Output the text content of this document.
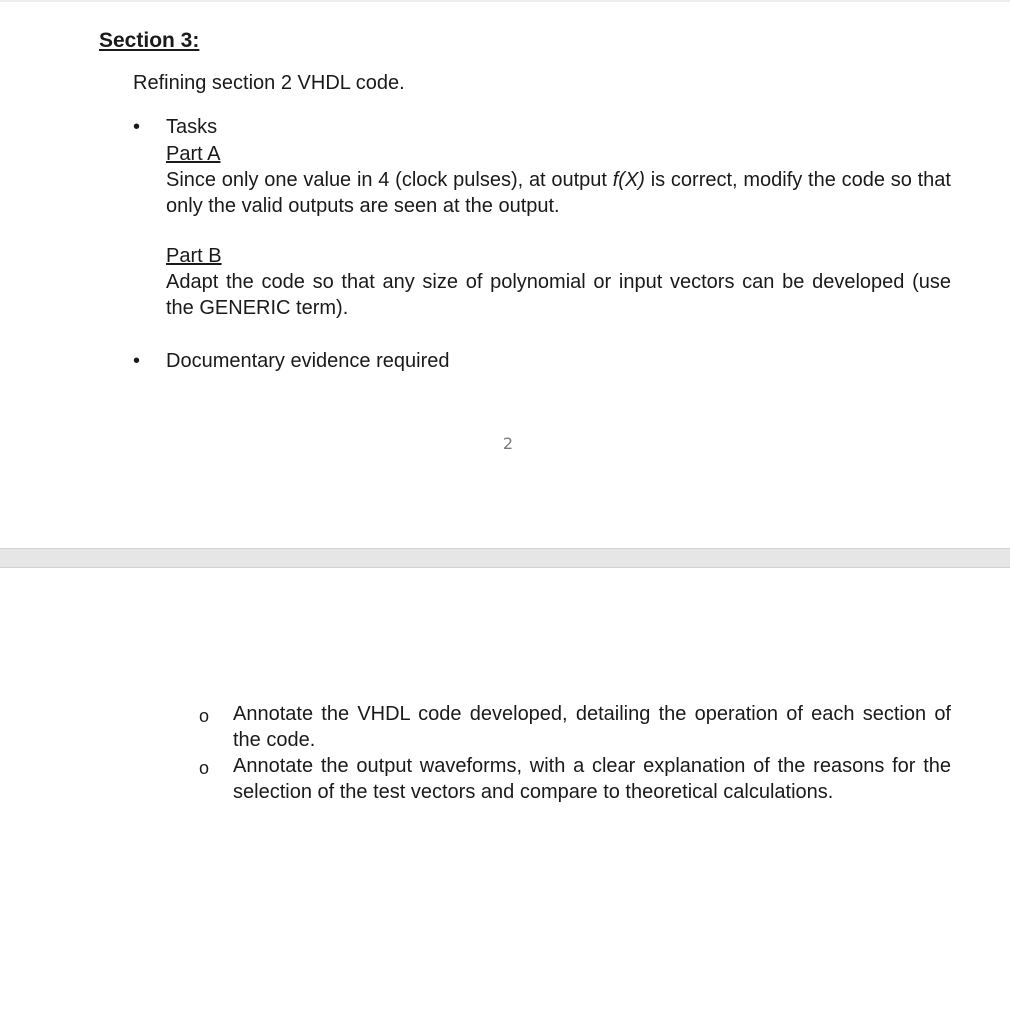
Section 3:

Refining section 2 VHDL code.

• Tasks
Part A

Since only one value in 4 (clock pulses), at output f(X) is correct, modify the code so that only the valid outputs are seen at the output.

Part B

Adapt the code so that any size of polynomial or input vectors can be developed (use the GENERIC term).

• Documentary evidence required

2

o Annotate the VHDL code developed, detailing the operation of each section of the code.

o Annotate the output waveforms, with a clear explanation of the reasons for the selection of the test vectors and compare to theoretical calculations.
